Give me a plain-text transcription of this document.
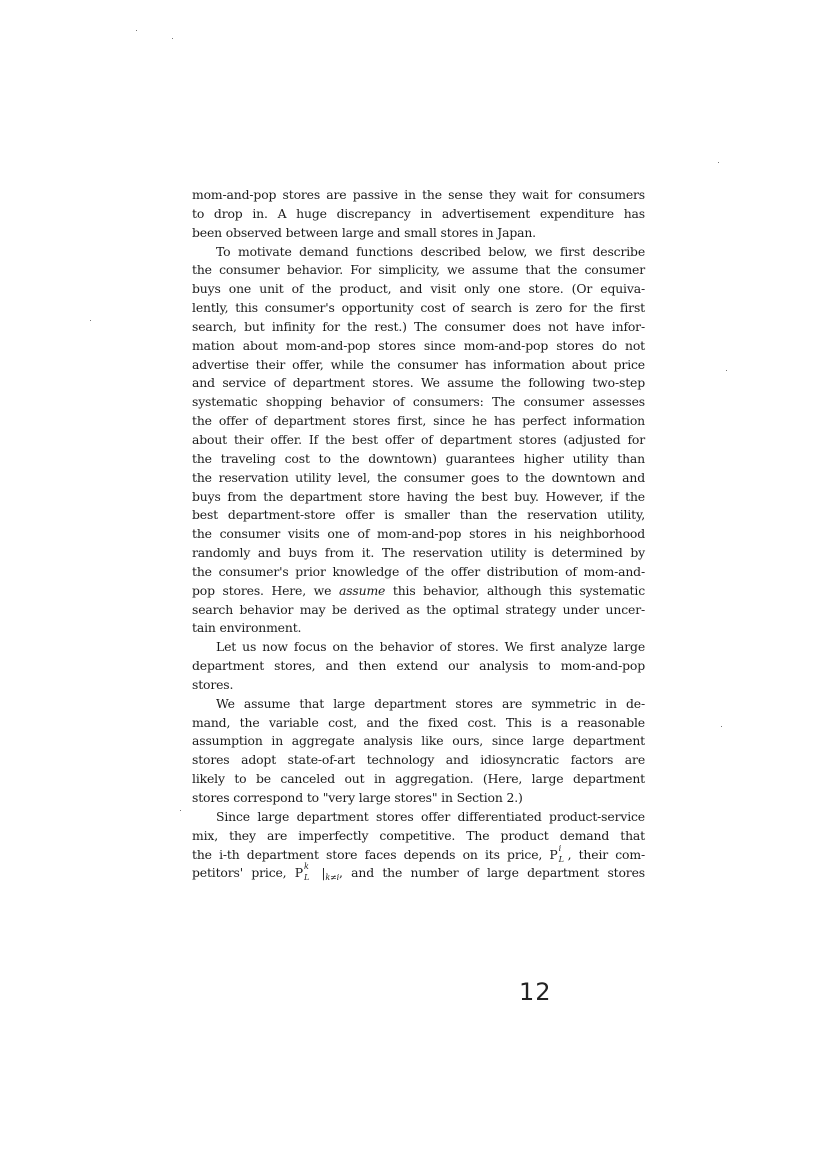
mom-and-pop stores are passive in the sense they wait for consumers
to drop in. A huge discrepancy in advertisement expenditure has
been observed between large and small stores in Japan.
To motivate demand functions described below, we first describe
the consumer behavior. For simplicity, we assume that the consumer
buys one unit of the product, and visit only one store. (Or equiva-
lently, this consumer's opportunity cost of search is zero for the first
search, but infinity for the rest.) The consumer does not have infor-
mation about mom-and-pop stores since mom-and-pop stores do not
advertise their offer, while the consumer has information about price
and service of department stores. We assume the following two-step
systematic shopping behavior of consumers: The consumer assesses
the offer of department stores first, since he has perfect information
about their offer. If the best offer of department stores (adjusted for
the traveling cost to the downtown) guarantees higher utility than
the reservation utility level, the consumer goes to the downtown and
buys from the department store having the best buy. However, if the
best department-store offer is smaller than the reservation utility,
the consumer visits one of mom-and-pop stores in his neighborhood
randomly and buys from it. The reservation utility is determined by
the consumer's prior knowledge of the offer distribution of mom-and-
pop stores. Here, we assume this behavior, although this systematic
search behavior may be derived as the optimal strategy under uncer-
tain environment.
Let us now focus on the behavior of stores. We first analyze large
department stores, and then extend our analysis to mom-and-pop
stores.
We assume that large department stores are symmetric in de-
mand, the variable cost, and the fixed cost. This is a reasonable
assumption in aggregate analysis like ours, since large department
stores adopt state-of-art technology and idiosyncratic factors are
likely to be canceled out in aggregation. (Here, large department
stores correspond to "very large stores" in Section 2.)
Since large department stores offer differentiated product-service
mix, they are imperfectly competitive. The product demand that
the i-th department store faces depends on its price, P i
L , their com-
petitors' price, P k
L $|_{k\ne i}$, and the number of large department stores
12
